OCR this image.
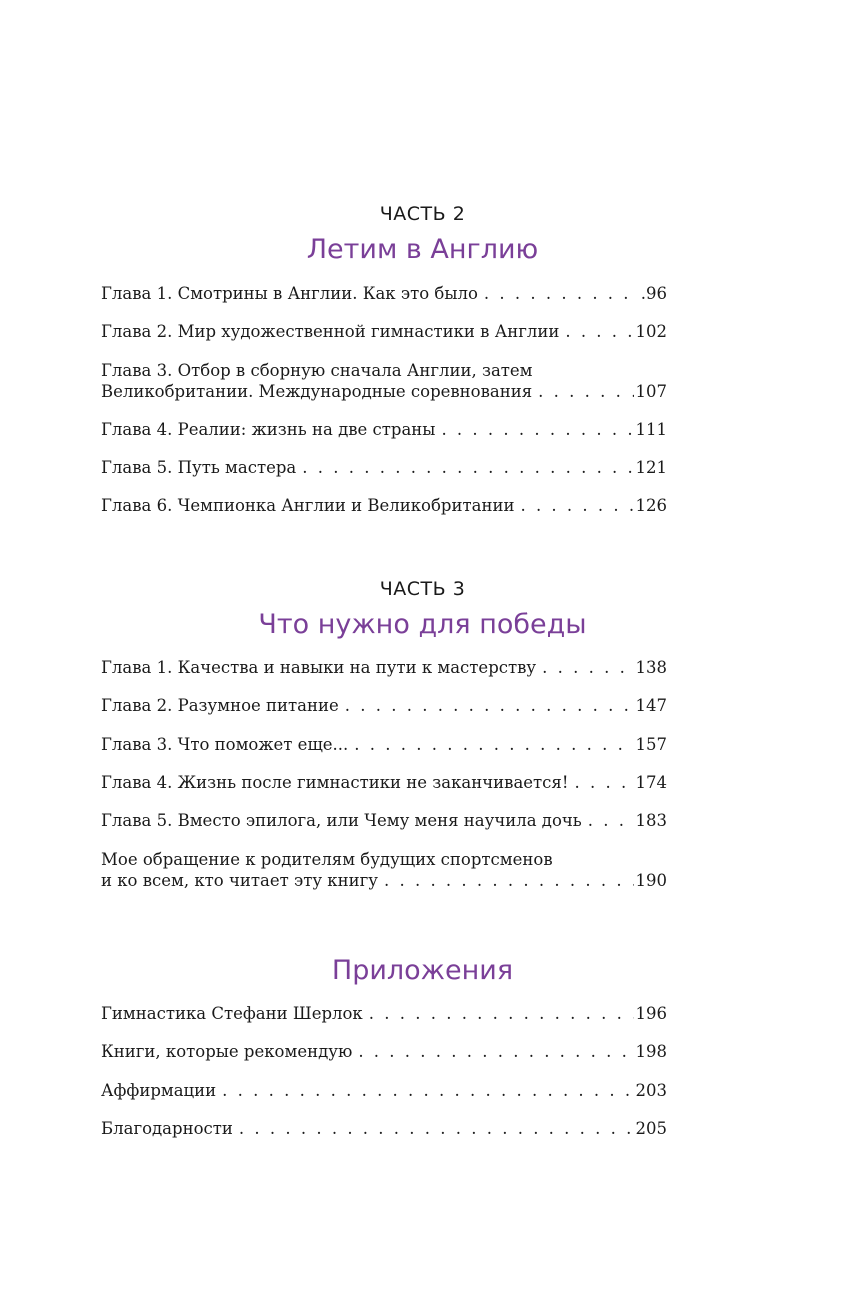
ЧАСТЬ 2
Летим в Англию
Глава 1. Смотрины в Англии. Как это было . . .	.96
Глава 2. Мир художественной гимнастики в Англии . . .	102
Глава 3. Отбор в сборную сначала Англии, затем
Великобритании. Международные соревнования . . .	107
Глава 4. Реалии: жизнь на две страны . . .	111
Глава 5. Путь мастера . . .	121
Глава 6. Чемпионка Англии и Великобритании . . .	126
ЧАСТЬ 3
Что нужно для победы
Глава 1. Качества и навыки на пути к мастерству . . .	138
Глава 2. Разумное питание . . .	147
Глава 3. Что поможет еще... . . .	157
Глава 4. Жизнь после гимнастики не заканчивается! . . .	174
Глава 5. Вместо эпилога, или Чему меня научила дочь . . .	183
Мое обращение к родителям будущих спортсменов
и ко всем, кто читает эту книгу . . .	190
Приложения
Гимнастика Стефани Шерлок . . .	196
Книги, которые рекомендую . . .	198
Аффирмации . . .	203
Благодарности . . .	205
